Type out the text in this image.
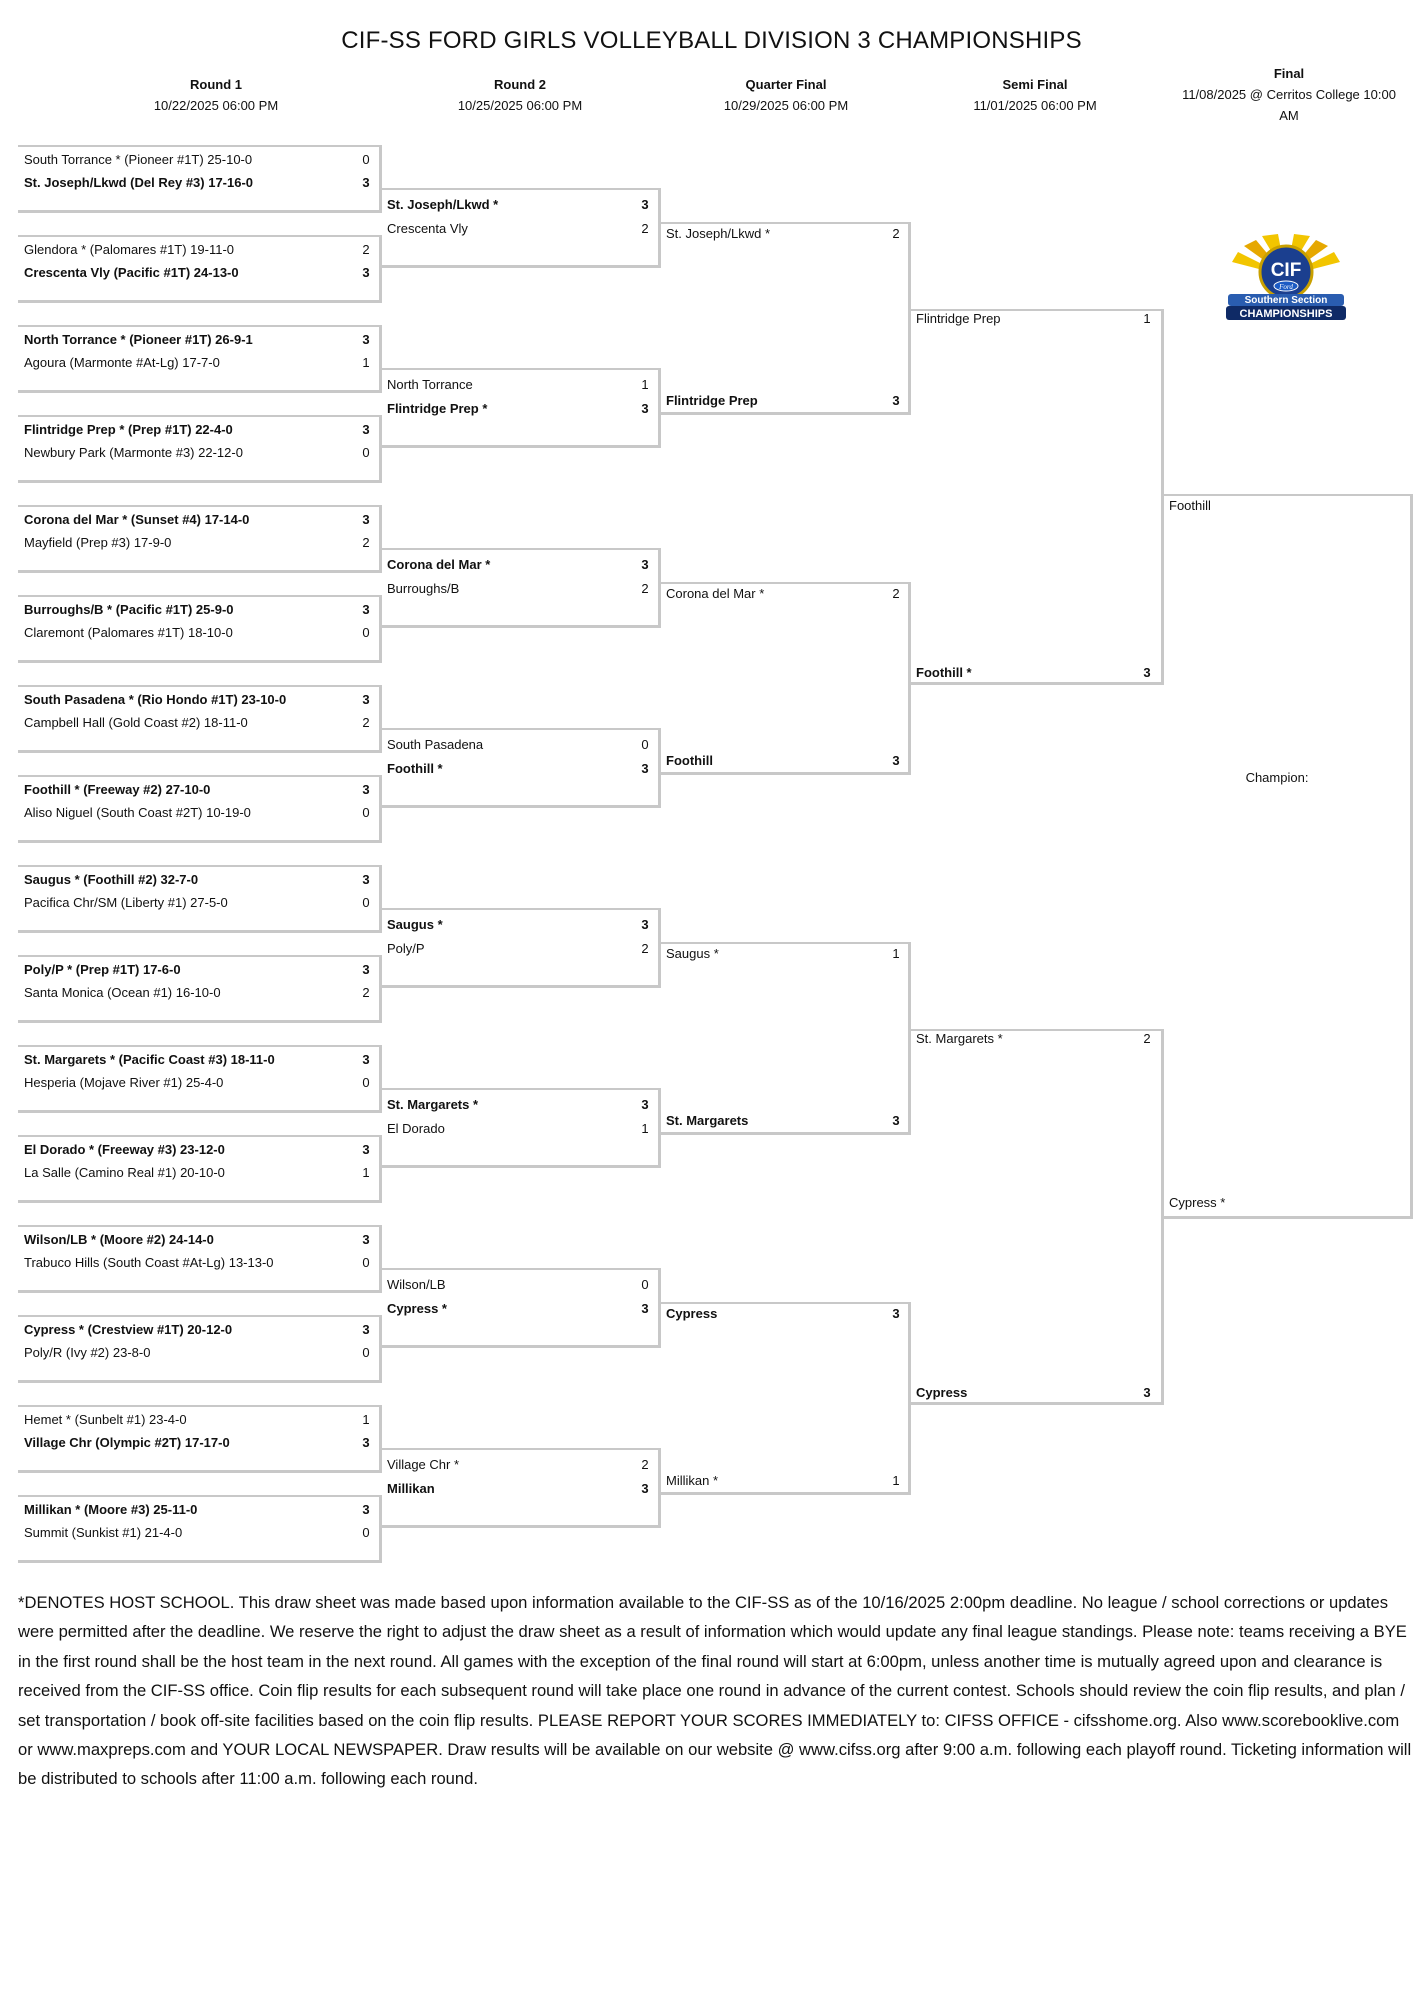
CIF-SS FORD GIRLS VOLLEYBALL DIVISION 3 CHAMPIONSHIPS
Round 1
10/22/2025 06:00 PM
Round 2
10/25/2025 06:00 PM
Quarter Final
10/29/2025 06:00 PM
Semi Final
11/01/2025 06:00 PM
Final
11/08/2025 @ Cerritos College 10:00
AM
South Torrance * (Pioneer #1T) 25-10-0	0
St. Joseph/Lkwd (Del Rey #3) 17-16-0	3
Glendora * (Palomares #1T) 19-11-0	2
Crescenta Vly (Pacific #1T) 24-13-0	3
North Torrance * (Pioneer #1T) 26-9-1	3
Agoura (Marmonte #At-Lg) 17-7-0	1
Flintridge Prep * (Prep #1T) 22-4-0	3
Newbury Park (Marmonte #3) 22-12-0	0
Corona del Mar * (Sunset #4) 17-14-0	3
Mayfield (Prep #3) 17-9-0	2
Burroughs/B * (Pacific #1T) 25-9-0	3
Claremont (Palomares #1T) 18-10-0	0
South Pasadena * (Rio Hondo #1T) 23-10-0	3
Campbell Hall (Gold Coast #2) 18-11-0	2
Foothill * (Freeway #2) 27-10-0	3
Aliso Niguel (South Coast #2T) 10-19-0	0
Saugus * (Foothill #2) 32-7-0	3
Pacifica Chr/SM (Liberty #1) 27-5-0	0
Poly/P * (Prep #1T) 17-6-0	3
Santa Monica (Ocean #1) 16-10-0	2
St. Margarets * (Pacific Coast #3) 18-11-0	3
Hesperia (Mojave River #1) 25-4-0	0
El Dorado * (Freeway #3) 23-12-0	3
La Salle (Camino Real #1) 20-10-0	1
Wilson/LB * (Moore #2) 24-14-0	3
Trabuco Hills (South Coast #At-Lg) 13-13-0	0
Cypress * (Crestview #1T) 20-12-0	3
Poly/R (Ivy #2) 23-8-0	0
Hemet * (Sunbelt #1) 23-4-0	1
Village Chr (Olympic #2T) 17-17-0	3
Millikan * (Moore #3) 25-11-0	3
Summit (Sunkist #1) 21-4-0	0
St. Joseph/Lkwd *	3
Crescenta Vly	2
North Torrance	1
Flintridge Prep *	3
Corona del Mar *	3
Burroughs/B	2
South Pasadena	0
Foothill *	3
Saugus *	3
Poly/P	2
St. Margarets *	3
El Dorado	1
Wilson/LB	0
Cypress *	3
Village Chr *	2
Millikan	3
St. Joseph/Lkwd *	2
Flintridge Prep	3
Corona del Mar *	2
Foothill	3
Saugus *	1
St. Margarets	3
Cypress	3
Millikan *	1
Flintridge Prep	1
Foothill *	3
St. Margarets *	2
Cypress	3
Foothill
Cypress *
CIF
Ford
Southern Section
CHAMPIONSHIPS
Champion:
*DENOTES HOST SCHOOL. This draw sheet was made based upon information available to the CIF-SS as of the 10/16/2025 2:00pm deadline. No league / school corrections or updates were permitted after the deadline. We reserve the right to adjust the draw sheet as a result of information which would update any final league standings. Please note: teams receiving a BYE in the first round shall be the host team in the next round. All games with the exception of the final round will start at 6:00pm, unless another time is mutually agreed upon and clearance is received from the CIF-SS office. Coin flip results for each subsequent round will take place one round in advance of the current contest. Schools should review the coin flip results, and plan / set transportation / book off-site facilities based on the coin flip results. PLEASE REPORT YOUR SCORES IMMEDIATELY to: CIFSS OFFICE - cifsshome.org. Also www.scorebooklive.com or www.maxpreps.com and YOUR LOCAL NEWSPAPER. Draw results will be available on our website @ www.cifss.org after 9:00 a.m. following each playoff round. Ticketing information will be distributed to schools after 11:00 a.m. following each round.
